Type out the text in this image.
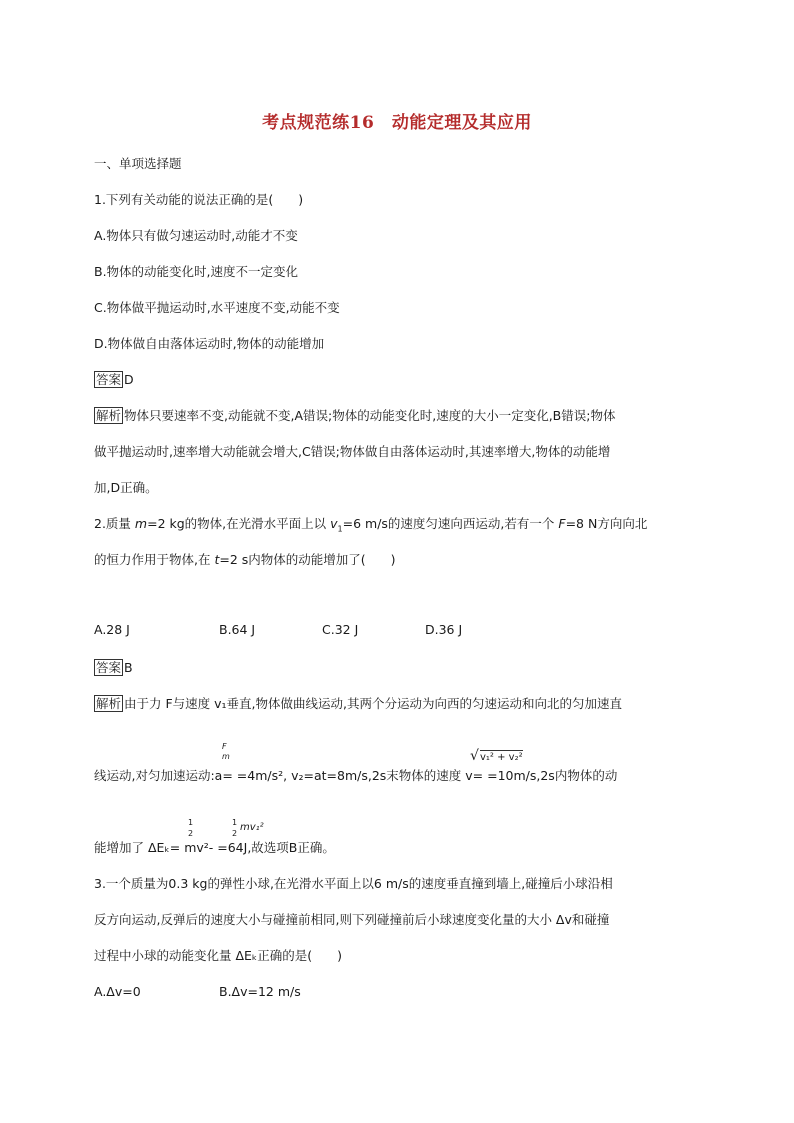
考点规范练16　动能定理及其应用
一、单项选择题
1.下列有关动能的说法正确的是(　　)
A.物体只有做匀速运动时,动能才不变
B.物体的动能变化时,速度不一定变化
C.物体做平抛运动时,水平速度不变,动能不变
D.物体做自由落体运动时,物体的动能增加
答案 D
解析 物体只要速率不变,动能就不变,A错误;物体的动能变化时,速度的大小一定变化,B错误;物体
做平抛运动时,速率增大动能就会增大,C错误;物体做自由落体运动时,其速率增大,物体的动能增
加,D正确。
2.质量 m=2 kg的物体,在光滑水平面上以 $v_1=6$ m/s的速度匀速向西运动,若有一个 F=8 N方向向北
的恒力作用于物体,在 t=2 s内物体的动能增加了(　　)
A.28 J	B.64 J	C.32 J	D.36 J
答案 B
解析 由于力 F与速度 v₁垂直,物体做曲线运动,其两个分运动为向西的匀速运动和向北的匀加速直
F
m	v₁² + v₂²
√
线运动,对匀加速运动:a= =4m/s², v₂=at=8m/s,2s末物体的速度 v= =10m/s,2s内物体的动
1
2
1
2
mv₁²
能增加了 ΔEₖ= mv²- =64J,故选项B正确。
3.一个质量为0.3 kg的弹性小球,在光滑水平面上以6 m/s的速度垂直撞到墙上,碰撞后小球沿相
反方向运动,反弹后的速度大小与碰撞前相同,则下列碰撞前后小球速度变化量的大小 Δv和碰撞
过程中小球的动能变化量 ΔEₖ正确的是(　　)
A.Δv=0	B.Δv=12 m/s
